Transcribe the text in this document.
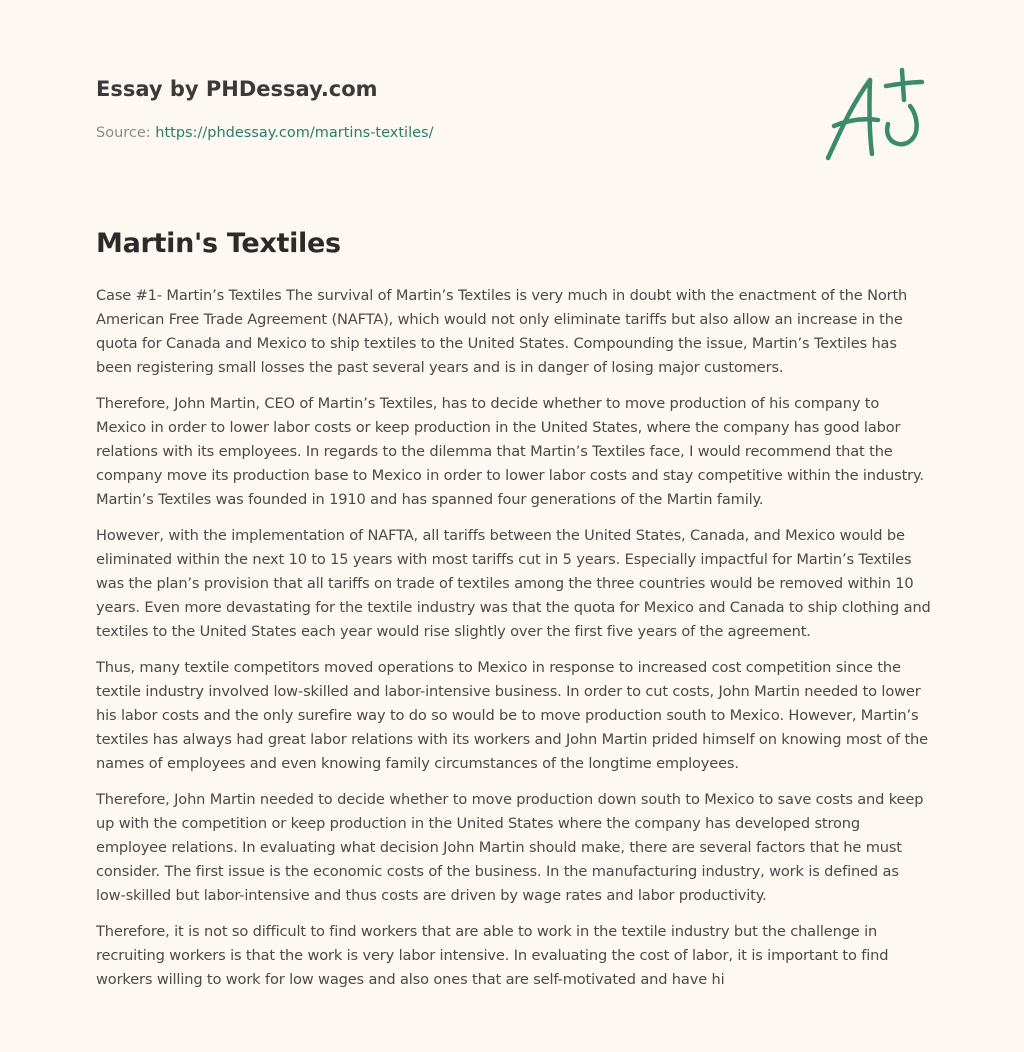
Essay by PHDessay.com
Source: https://phdessay.com/martins-textiles/
Martin's Textiles

Case #1- Martin’s Textiles The survival of Martin’s Textiles is very much in doubt with the enactment of the North American Free Trade Agreement (NAFTA), which would not only eliminate tariffs but also allow an increase in the quota for Canada and Mexico to ship textiles to the United States. Compounding the issue, Martin’s Textiles has been registering small losses the past several years and is in danger of losing major customers.

Therefore, John Martin, CEO of Martin’s Textiles, has to decide whether to move production of his company to Mexico in order to lower labor costs or keep production in the United States, where the company has good labor relations with its employees. In regards to the dilemma that Martin’s Textiles face, I would recommend that the company move its production base to Mexico in order to lower labor costs and stay competitive within the industry. Martin’s Textiles was founded in 1910 and has spanned four generations of the Martin family.

However, with the implementation of NAFTA, all tariffs between the United States, Canada, and Mexico would be eliminated within the next 10 to 15 years with most tariffs cut in 5 years. Especially impactful for Martin’s Textiles was the plan’s provision that all tariffs on trade of textiles among the three countries would be removed within 10 years. Even more devastating for the textile industry was that the quota for Mexico and Canada to ship clothing and textiles to the United States each year would rise slightly over the first five years of the agreement.

Thus, many textile competitors moved operations to Mexico in response to increased cost competition since the textile industry involved low-skilled and labor-intensive business. In order to cut costs, John Martin needed to lower his labor costs and the only surefire way to do so would be to move production south to Mexico. However, Martin’s textiles has always had great labor relations with its workers and John Martin prided himself on knowing most of the names of employees and even knowing family circumstances of the longtime employees.

Therefore, John Martin needed to decide whether to move production down south to Mexico to save costs and keep up with the competition or keep production in the United States where the company has developed strong employee relations. In evaluating what decision John Martin should make, there are several factors that he must consider. The first issue is the economic costs of the business. In the manufacturing industry, work is defined as low-skilled but labor-intensive and thus costs are driven by wage rates and labor productivity.

Therefore, it is not so difficult to find workers that are able to work in the textile industry but the challenge in recruiting workers is that the work is very labor intensive. In evaluating the cost of labor, it is important to find workers willing to work for low wages and also ones that are self-motivated and have hi
